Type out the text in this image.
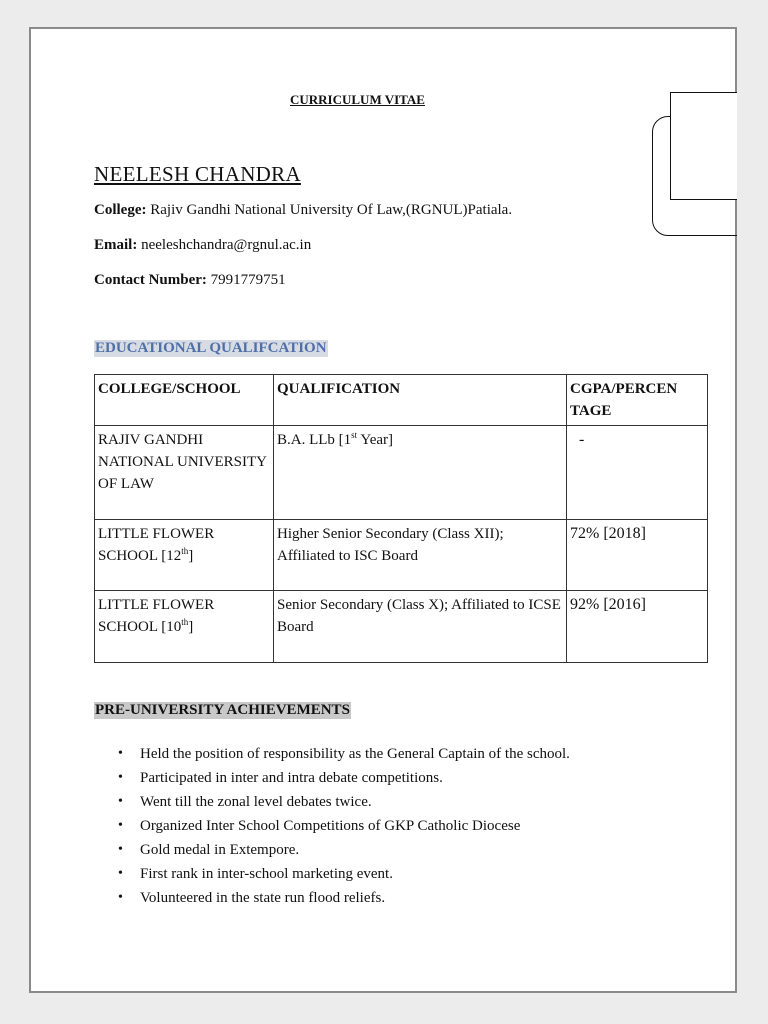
CURRICULUM VITAE
NEELESH CHANDRA
College: Rajiv Gandhi National University Of Law,(RGNUL)Patiala.
Email: neeleshchandra@rgnul.ac.in
Contact Number: 7991779751
EDUCATIONAL QUALIFCATION
COLLEGE/SCHOOL	QUALIFICATION	CGPA/PERCEN TAGE
RAJIV GANDHI NATIONAL UNIVERSITY OF LAW	B.A. LLb [1st Year]	-
LITTLE FLOWER SCHOOL [12th]	Higher Senior Secondary (Class XII); Affiliated to ISC Board	72% [2018]
LITTLE FLOWER SCHOOL [10th]	Senior Secondary (Class X); Affiliated to ICSE Board	92% [2016]
PRE-UNIVERSITY ACHIEVEMENTS
• Held the position of responsibility as the General Captain of the school.
• Participated in inter and intra debate competitions.
• Went till the zonal level debates twice.
• Organized Inter School Competitions of GKP Catholic Diocese
• Gold medal in Extempore.
• First rank in inter-school marketing event.
• Volunteered in the state run flood reliefs.
